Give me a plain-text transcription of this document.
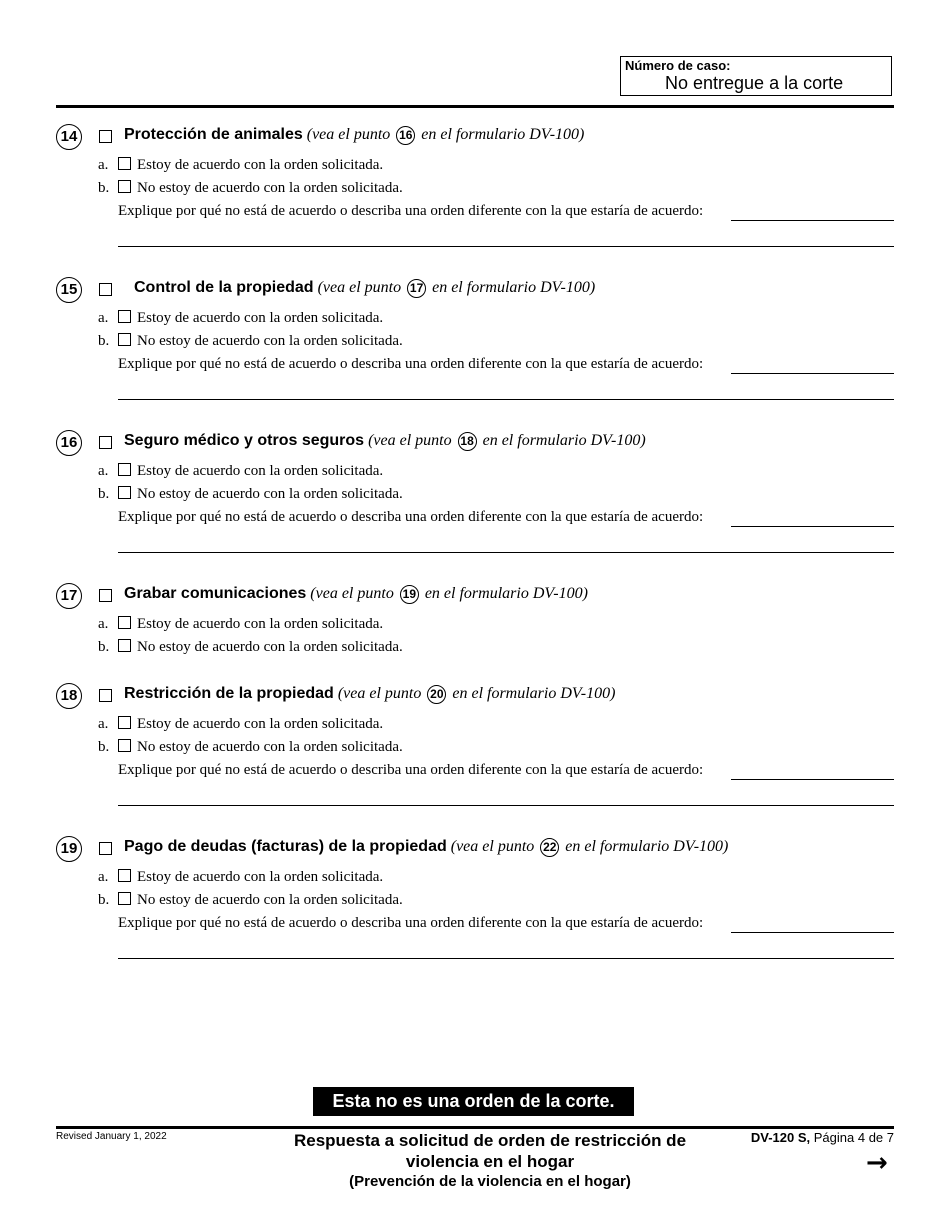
Número de caso:
No entregue a la corte
14	Protección de animales (vea el punto 16 en el formulario DV-100)
a. Estoy de acuerdo con la orden solicitada.
b. No estoy de acuerdo con la orden solicitada.
Explique por qué no está de acuerdo o describa una orden diferente con la que estaría de acuerdo:
15	Control de la propiedad (vea el punto 17 en el formulario DV-100)
a. Estoy de acuerdo con la orden solicitada.
b. No estoy de acuerdo con la orden solicitada.
Explique por qué no está de acuerdo o describa una orden diferente con la que estaría de acuerdo:
16	Seguro médico y otros seguros (vea el punto 18 en el formulario DV-100)
a. Estoy de acuerdo con la orden solicitada.
b. No estoy de acuerdo con la orden solicitada.
Explique por qué no está de acuerdo o describa una orden diferente con la que estaría de acuerdo:
17	Grabar comunicaciones (vea el punto 19 en el formulario DV-100)
a. Estoy de acuerdo con la orden solicitada.
b. No estoy de acuerdo con la orden solicitada.
18	Restricción de la propiedad (vea el punto 20 en el formulario DV-100)
a. Estoy de acuerdo con la orden solicitada.
b. No estoy de acuerdo con la orden solicitada.
Explique por qué no está de acuerdo o describa una orden diferente con la que estaría de acuerdo:
19	Pago de deudas (facturas) de la propiedad (vea el punto 22 en el formulario DV-100)
a. Estoy de acuerdo con la orden solicitada.
b. No estoy de acuerdo con la orden solicitada.
Explique por qué no está de acuerdo o describa una orden diferente con la que estaría de acuerdo:
Esta no es una orden de la corte.
Revised January 1, 2022	Respuesta a solicitud de orden de restricción de
violencia en el hogar
(Prevención de la violencia en el hogar)
DV-120 S, Página 4 de 7
→
